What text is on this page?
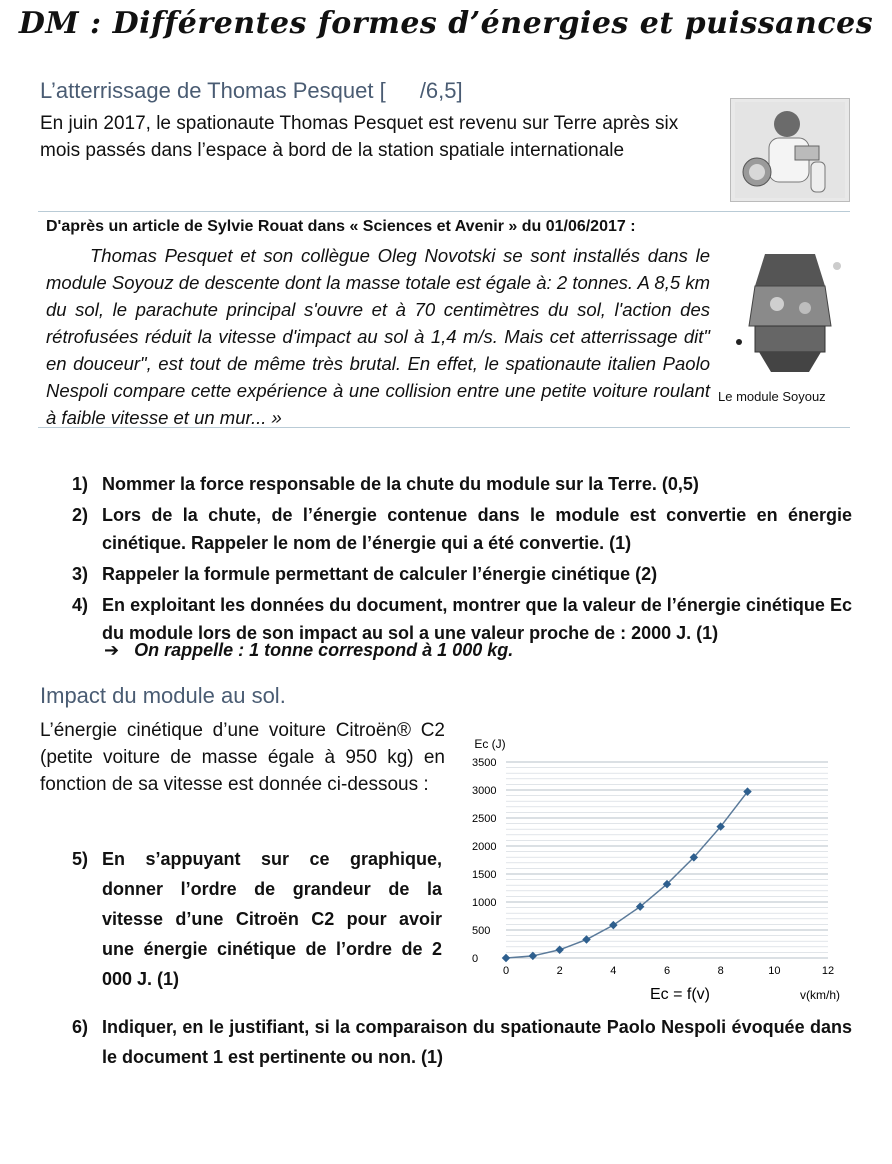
DM : Différentes formes d’énergies et puissances
L’atterrissage de Thomas Pesquet [ /6,5]
En juin 2017, le spationaute Thomas Pesquet est revenu sur Terre après six
mois passés dans l’espace à bord de la station spatiale internationale
D'après un article de Sylvie Rouat dans « Sciences et Avenir » du 01/06/2017 :
Thomas Pesquet et son collègue Oleg Novotski se sont installés dans le module Soyouz de descente dont la masse totale est égale à: 2 tonnes. A 8,5 km du sol, le parachute principal s'ouvre et à 70 centimètres du sol, l'action des rétrofusées réduit la vitesse d'impact au sol à 1,4 m/s. Mais cet atterrissage dit" en douceur", est tout de même très brutal. En effet, le spationaute italien Paolo Nespoli compare cette expérience à une collision entre une petite voiture roulant à faible vitesse et un mur... »
Le module Soyouz
1) Nommer la force responsable de la chute du module sur la Terre. (0,5)
2) Lors de la chute, de l’énergie contenue dans le module est convertie en énergie cinétique. Rappeler le nom de l’énergie qui a été convertie. (1)
3) Rappeler la formule permettant de calculer l’énergie cinétique (2)
4) En exploitant les données du document, montrer que la valeur de l’énergie cinétique Ec du module lors de son impact au sol a une valeur proche de : 2000 J. (1)
➔ On rappelle : 1 tonne correspond à 1 000 kg.
Impact du module au sol.
L’énergie cinétique d’une voiture Citroën® C2 (petite voiture de masse égale à 950 kg) en fonction de sa vitesse est donnée ci-dessous :
5) En s’appuyant sur ce graphique, donner l’ordre de grandeur de la vitesse d’une Citroën C2 pour avoir une énergie cinétique de l’ordre de 2 000 J. (1)
6) Indiquer, en le justifiant, si la comparaison du spationaute Paolo Nespoli évoquée dans le document 1 est pertinente ou non. (1)
0
500
1000
1500
2000
2500
3000
3500
0	2	4	6	8	10	12
Ec (J)
v(km/h)
Ec = f(v)
